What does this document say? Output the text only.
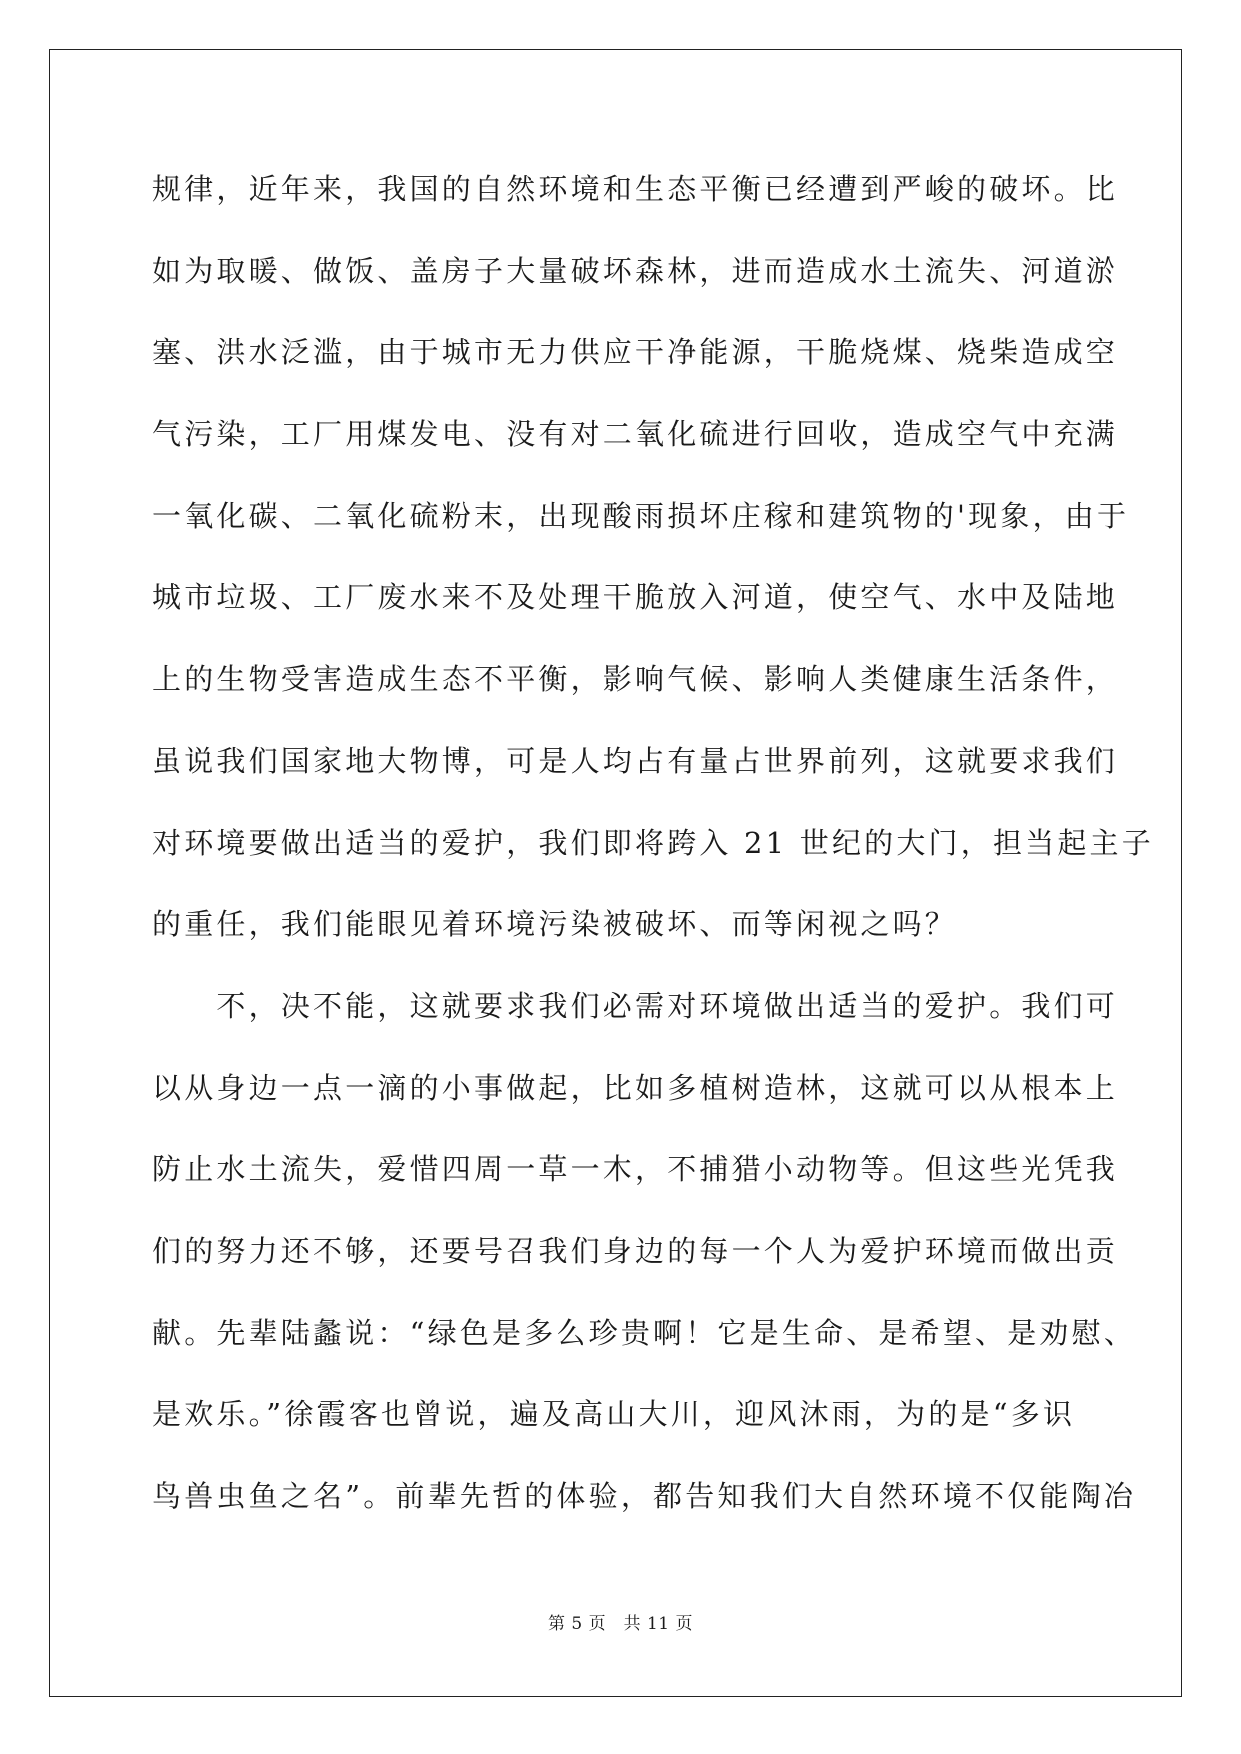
规律，近年来，我国的自然环境和生态平衡已经遭到严峻的破坏。比
如为取暖、做饭、盖房子大量破坏森林，进而造成水土流失、河道淤
塞、洪水泛滥，由于城市无力供应干净能源，干脆烧煤、烧柴造成空
气污染，工厂用煤发电、没有对二氧化硫进行回收，造成空气中充满
一氧化碳、二氧化硫粉末，出现酸雨损坏庄稼和建筑物的'现象，由于
城市垃圾、工厂废水来不及处理干脆放入河道，使空气、水中及陆地
上的生物受害造成生态不平衡，影响气候、影响人类健康生活条件，
虽说我们国家地大物博，可是人均占有量占世界前列，这就要求我们
对环境要做出适当的爱护，我们即将跨入 21 世纪的大门，担当起主子
的重任，我们能眼见着环境污染被破坏、而等闲视之吗？
　　不，决不能，这就要求我们必需对环境做出适当的爱护。我们可
以从身边一点一滴的小事做起，比如多植树造林，这就可以从根本上
防止水土流失，爱惜四周一草一木，不捕猎小动物等。但这些光凭我
们的努力还不够，还要号召我们身边的每一个人为爱护环境而做出贡
献。先辈陆蠡说：“绿色是多么珍贵啊！它是生命、是希望、是劝慰、
是欢乐。”徐霞客也曾说，遍及高山大川，迎风沐雨，为的是“多识
鸟兽虫鱼之名”。前辈先哲的体验，都告知我们大自然环境不仅能陶冶
第 5 页　共 11 页
